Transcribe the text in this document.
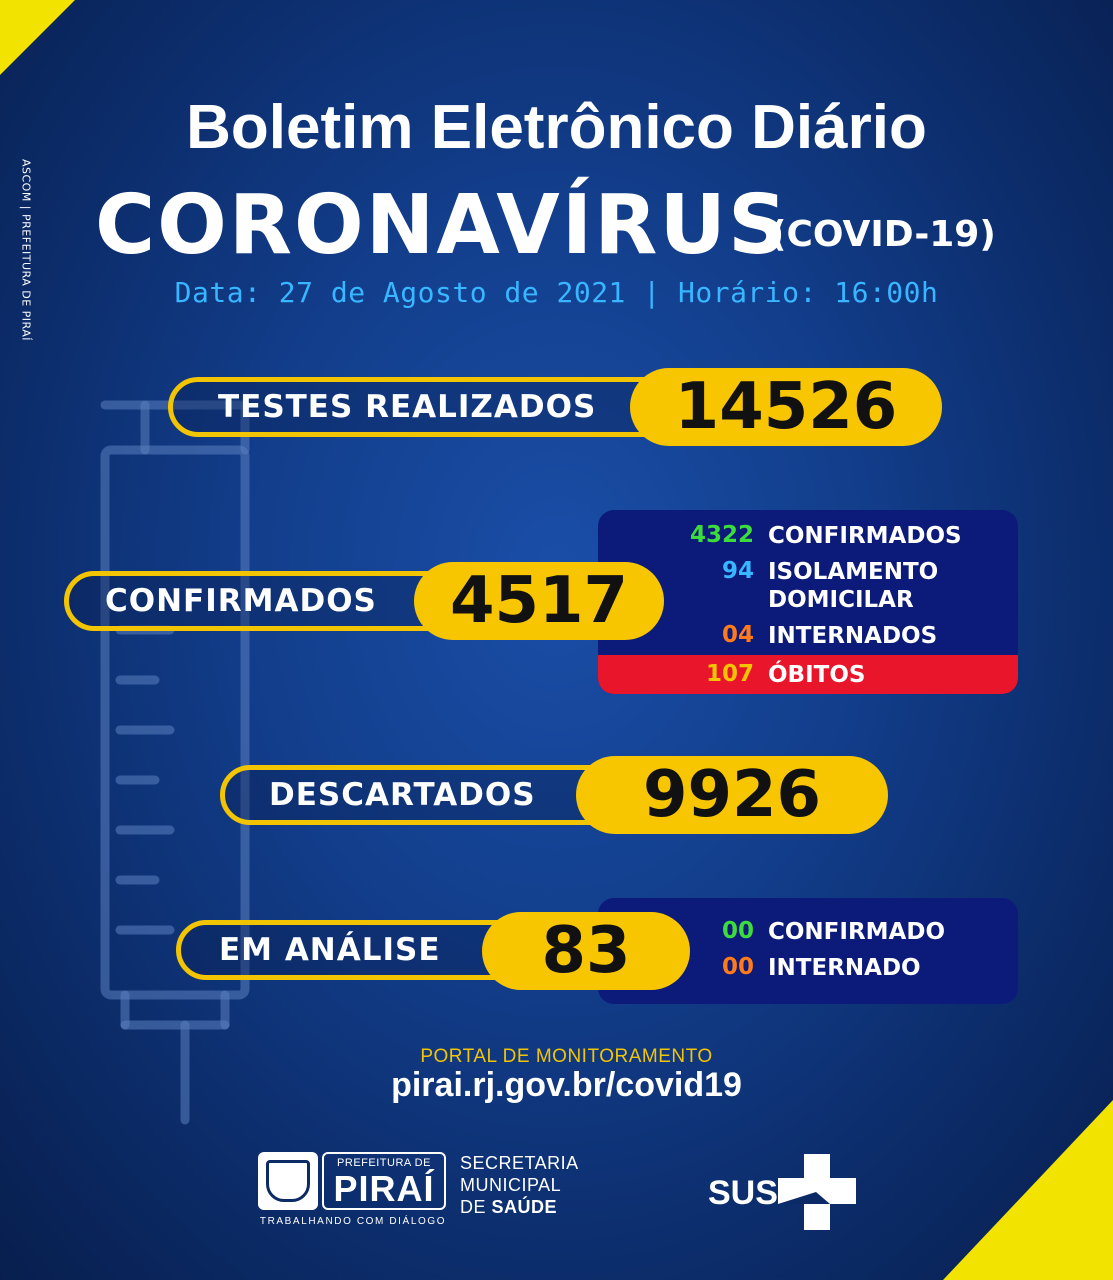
ASCOM | PREFEITURA DE PIRAÍ
Boletim Eletrônico Diário
CORONAVÍRUS
(COVID-19)
Data: 27 de Agosto de 2021 | Horário: 16:00h
TESTES REALIZADOS	14526
4322 CONFIRMADOS
94 ISOLAMENTO
DOMICILAR
04 INTERNADOS
107 ÓBITOS
CONFIRMADOS	4517
DESCARTADOS	9926
00 CONFIRMADO
00 INTERNADO
EM ANÁLISE	83
PORTAL DE MONITORAMENTO
pirai.rj.gov.br/covid19
PREFEITURA DE
PIRAÍ
TRABALHANDO COM DIÁLOGO
SECRETARIA
MUNICIPAL
DE SAÚDE	SUS
